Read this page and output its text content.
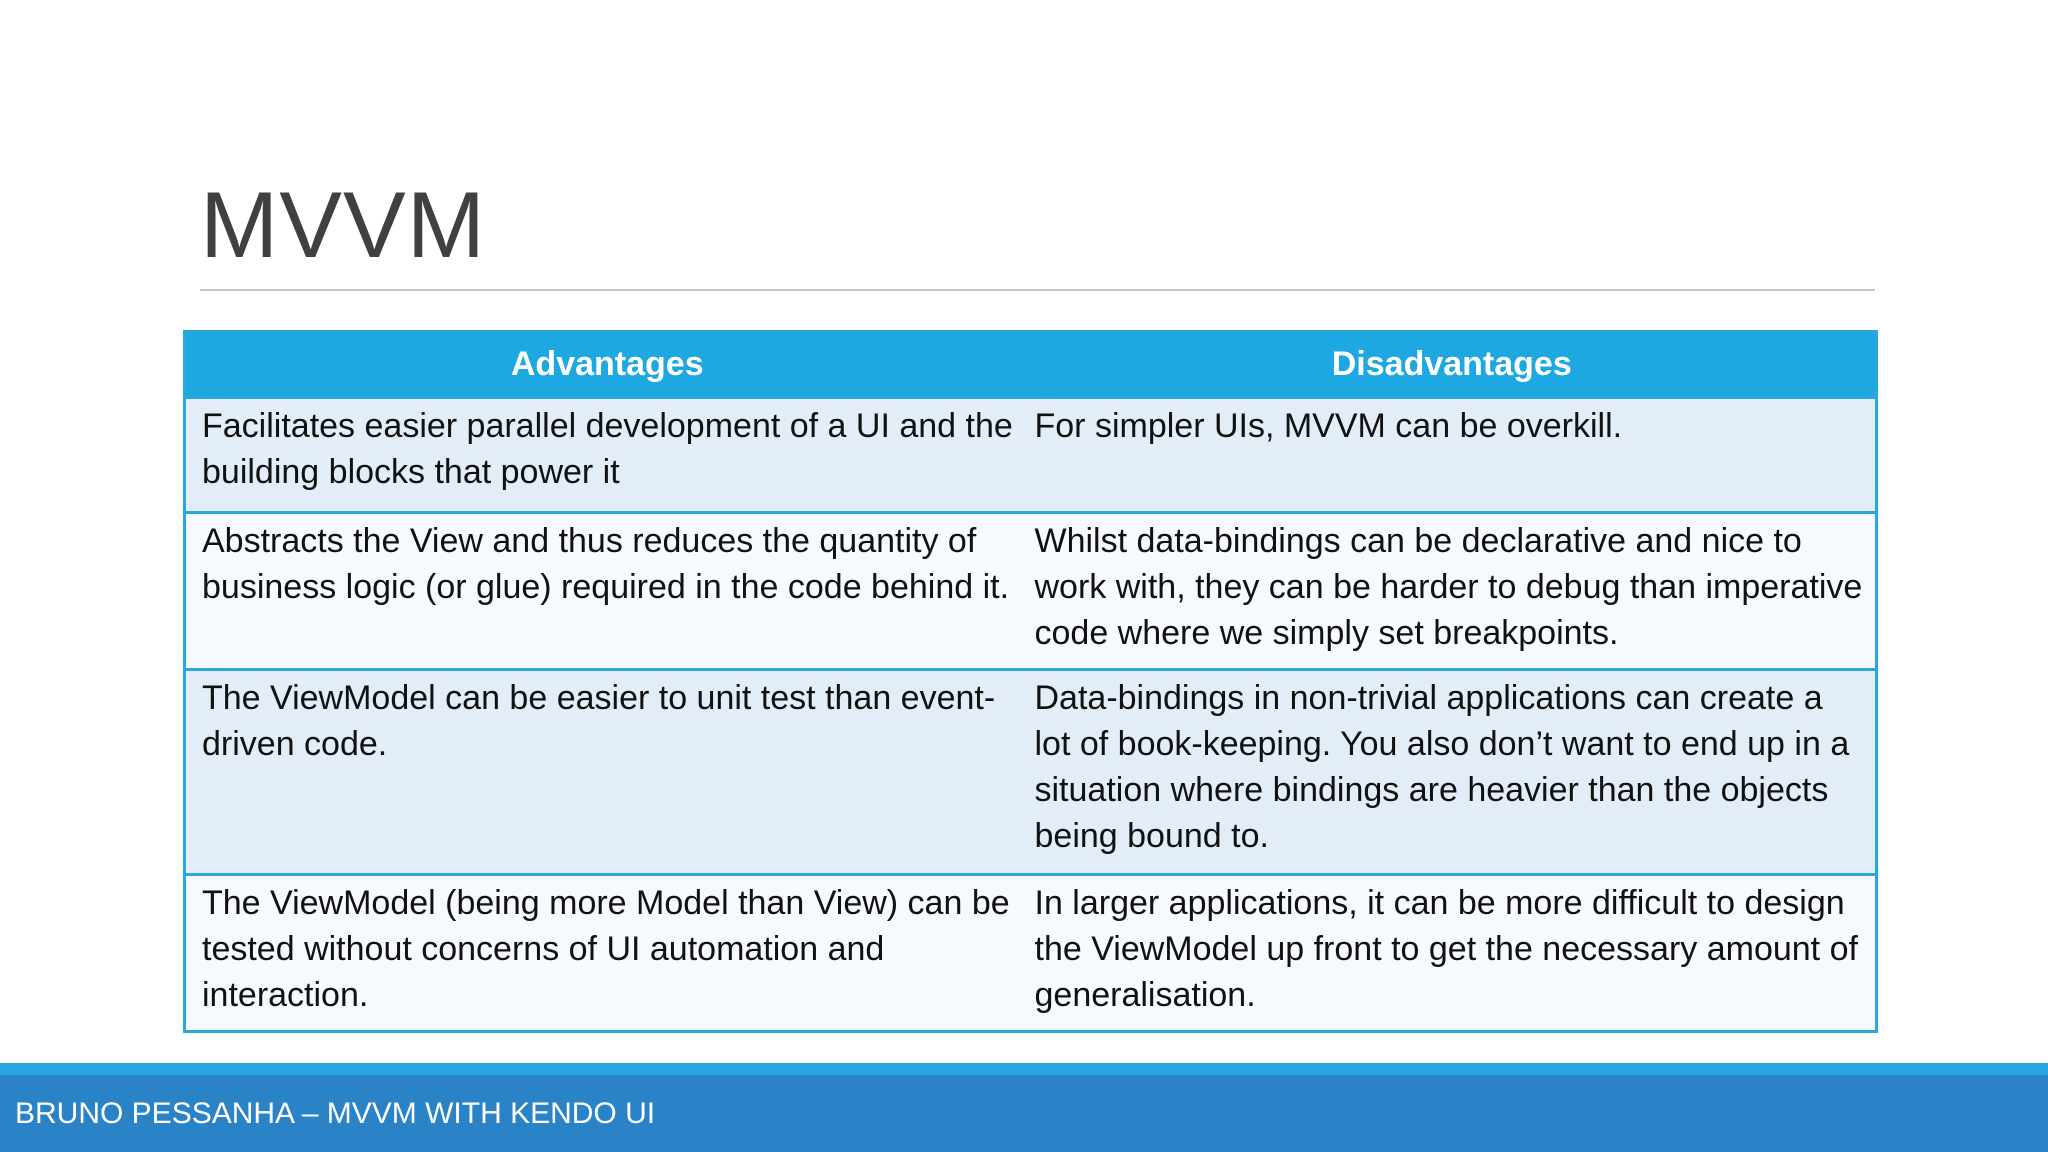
MVVM
Advantages	Disadvantages
Facilitates easier parallel development of a UI and the building blocks that power it	For simpler UIs, MVVM can be overkill.
Abstracts the View and thus reduces the quantity of business logic (or glue) required in the code behind it.	Whilst data-bindings can be declarative and nice to work with, they can be harder to debug than imperative code where we simply set breakpoints.
The ViewModel can be easier to unit test than event-driven code.	Data-bindings in non-trivial applications can create a lot of book-keeping. You also don’t want to end up in a situation where bindings are heavier than the objects being bound to.
The ViewModel (being more Model than View) can be tested without concerns of UI automation and interaction.	In larger applications, it can be more difficult to design the ViewModel up front to get the necessary amount of generalisation.
BRUNO PESSANHA – MVVM WITH KENDO UI
